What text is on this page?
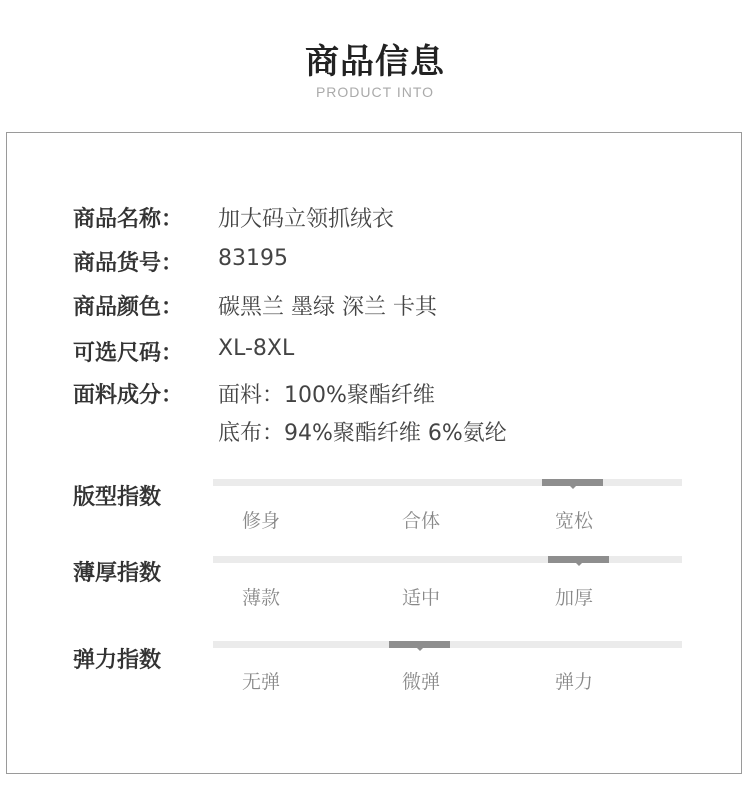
商品信息
PRODUCT INTO
商品名称： 加大码立领抓绒衣
商品货号： 83195
商品颜色： 碳黑兰 墨绿 深兰 卡其
可选尺码： XL-8XL
面料成分： 面料：100%聚酯纤维
底布：94%聚酯纤维 6%氨纶
版型指数
修身	合体	宽松
薄厚指数
薄款	适中	加厚
弹力指数
无弹	微弹	弹力
